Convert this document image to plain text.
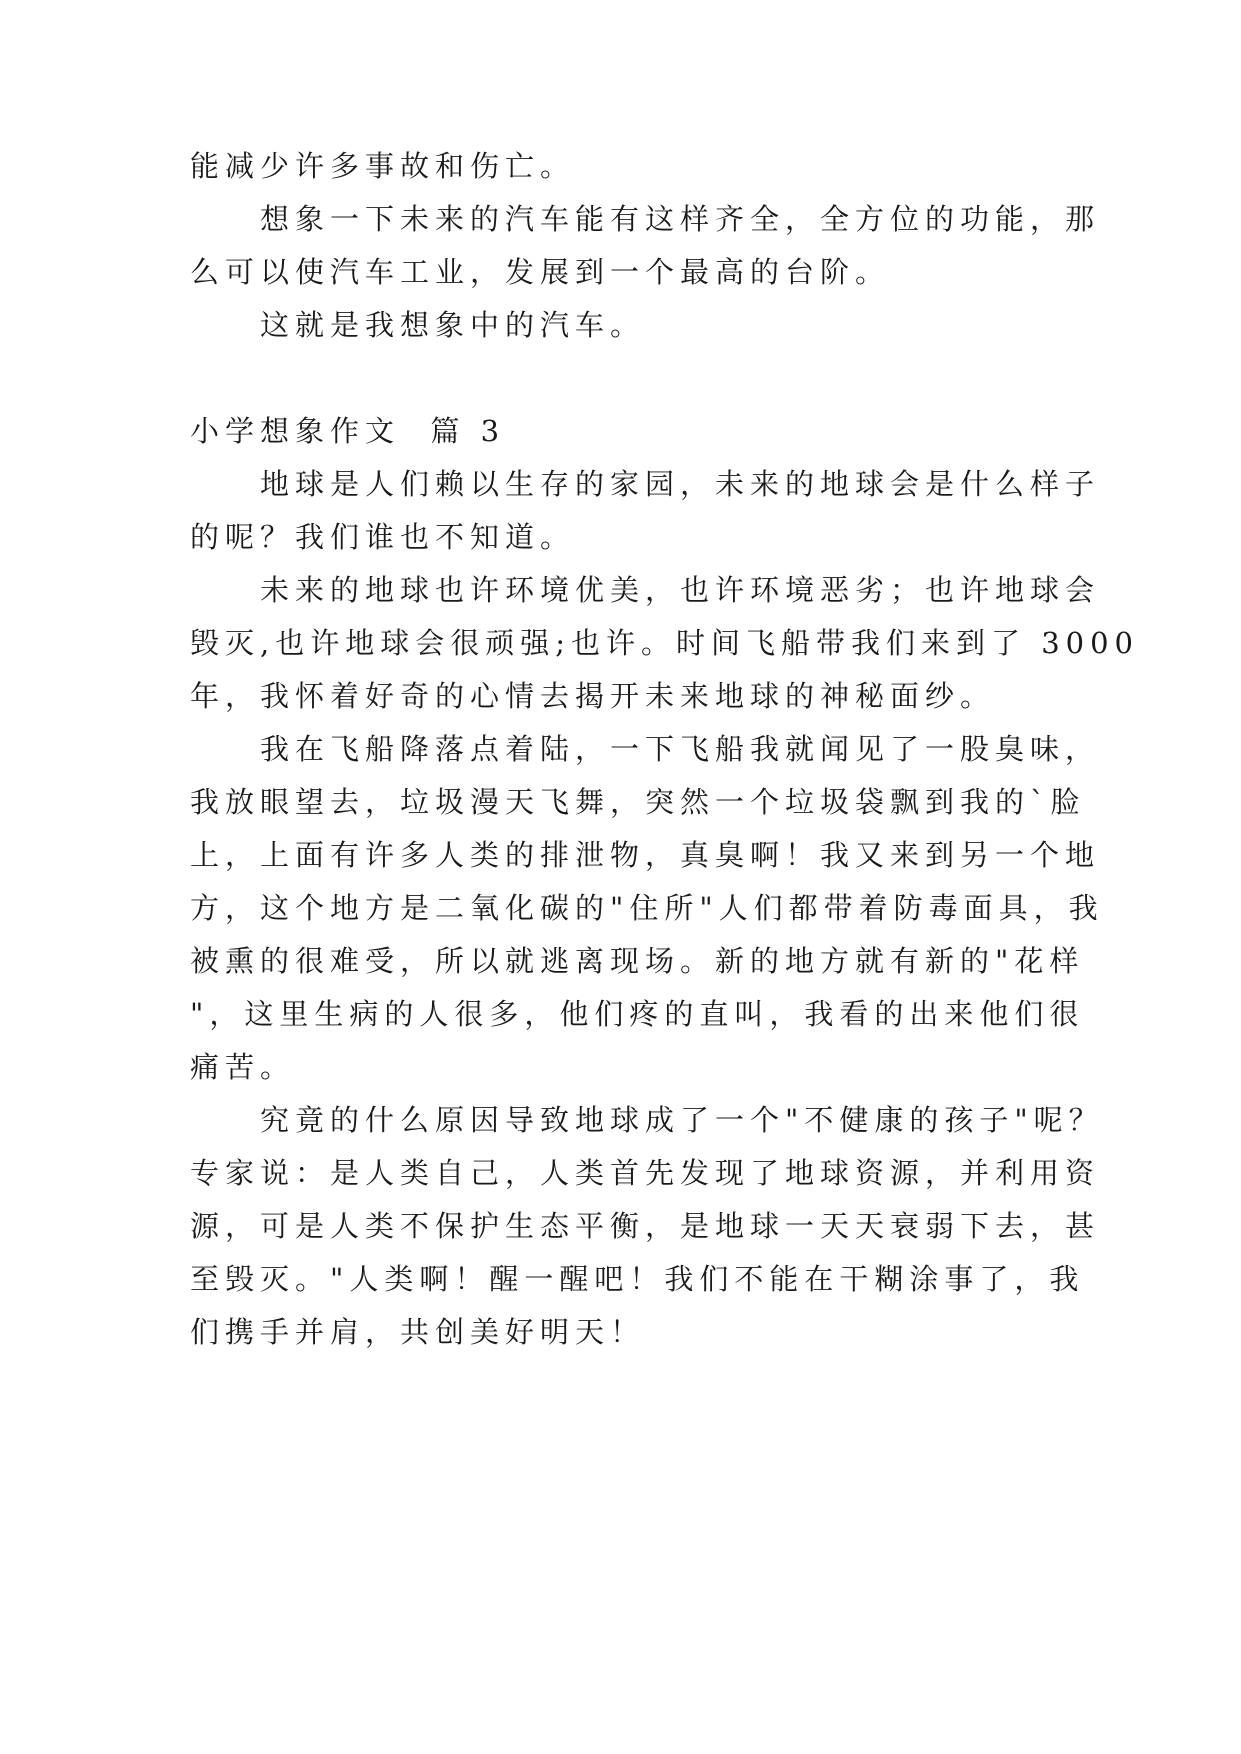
能减少许多事故和伤亡。
　　想象一下未来的汽车能有这样齐全，全方位的功能，那
么可以使汽车工业，发展到一个最高的台阶。
　　这就是我想象中的汽车。
小学想象作文  篇 3
　　地球是人们赖以生存的家园，未来的地球会是什么样子
的呢？我们谁也不知道。
　　未来的地球也许环境优美，也许环境恶劣；也许地球会
毁灭,也许地球会很顽强;也许。时间飞船带我们来到了 3000
年，我怀着好奇的心情去揭开未来地球的神秘面纱。
　　我在飞船降落点着陆，一下飞船我就闻见了一股臭味，
我放眼望去，垃圾漫天飞舞，突然一个垃圾袋飘到我的`脸
上，上面有许多人类的排泄物，真臭啊！我又来到另一个地
方，这个地方是二氧化碳的"住所"人们都带着防毒面具，我
被熏的很难受，所以就逃离现场。新的地方就有新的"花样
"，这里生病的人很多，他们疼的直叫，我看的出来他们很
痛苦。
　　究竟的什么原因导致地球成了一个"不健康的孩子"呢？
专家说：是人类自己，人类首先发现了地球资源，并利用资
源，可是人类不保护生态平衡，是地球一天天衰弱下去，甚
至毁灭。"人类啊！醒一醒吧！我们不能在干糊涂事了，我
们携手并肩，共创美好明天！
